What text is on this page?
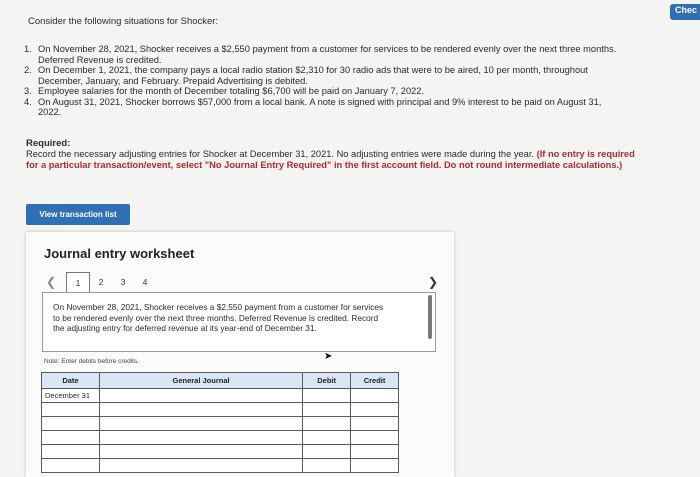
Chec
Consider the following situations for Shocker:
1. On November 28, 2021, Shocker receives a $2,550 payment from a customer for services to be rendered evenly over the next three months. Deferred Revenue is credited.
2. On December 1, 2021, the company pays a local radio station $2,310 for 30 radio ads that were to be aired, 10 per month, throughout December, January, and February. Prepaid Advertising is debited.
3. Employee salaries for the month of December totaling $6,700 will be paid on January 7, 2022.
4. On August 31, 2021, Shocker borrows $57,000 from a local bank. A note is signed with principal and 9% interest to be paid on August 31, 2022.
Required:
Record the necessary adjusting entries for Shocker at December 31, 2021. No adjusting entries were made during the year. (If no entry is required for a particular transaction/event, select "No Journal Entry Required" in the first account field. Do not round intermediate calculations.)
View transaction list
Journal entry worksheet
❮	1	2	3	4	❯
On November 28, 2021, Shocker receives a $2,550 payment from a customer for services to be rendered evenly over the next three months. Deferred Revenue is credited. Record the adjusting entry for deferred revenue at its year-end of December 31.
Note: Enter debits before credits.	➤
Date	General Journal	Debit	Credit
December 31			
